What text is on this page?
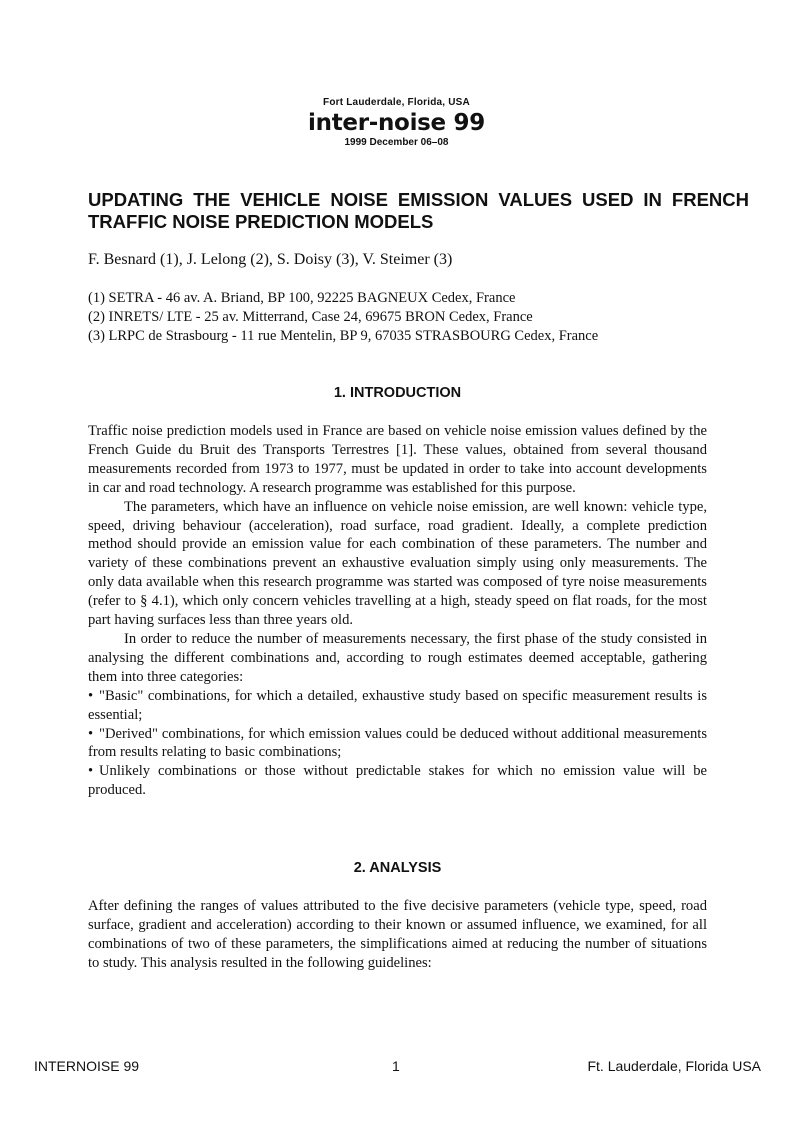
Fort Lauderdale, Florida, USA
inter-noise 99
1999 December 06–08
UPDATING THE VEHICLE NOISE EMISSION VALUES USED IN FRENCH TRAFFIC NOISE PREDICTION MODELS
F. Besnard (1), J. Lelong (2), S. Doisy (3), V. Steimer (3)
(1) SETRA - 46 av. A. Briand, BP 100, 92225 BAGNEUX Cedex, France
(2) INRETS/ LTE - 25 av. Mitterrand, Case 24, 69675 BRON Cedex, France
(3) LRPC de Strasbourg - 11 rue Mentelin, BP 9, 67035 STRASBOURG Cedex, France
1. INTRODUCTION

Traffic noise prediction models used in France are based on vehicle noise emission values defined by the French Guide du Bruit des Transports Terrestres [1]. These values, obtained from several thousand measurements recorded from 1973 to 1977, must be updated in order to take into account developments in car and road technology. A research programme was established for this purpose.

The parameters, which have an influence on vehicle noise emission, are well known: vehicle type, speed, driving behaviour (acceleration), road surface, road gradient. Ideally, a complete prediction method should provide an emission value for each combination of these parameters. The number and variety of these combinations prevent an exhaustive evaluation simply using only measurements. The only data available when this research programme was started was composed of tyre noise measurements (refer to § 4.1), which only concern vehicles travelling at a high, steady speed on flat roads, for the most part having surfaces less than three years old.

In order to reduce the number of measurements necessary, the first phase of the study consisted in analysing the different combinations and, according to rough estimates deemed acceptable, gathering them into three categories:

• "Basic" combinations, for which a detailed, exhaustive study based on specific measurement results is essential;

• "Derived" combinations, for which emission values could be deduced without additional measurements from results relating to basic combinations;

• Unlikely combinations or those without predictable stakes for which no emission value will be produced.

2. ANALYSIS

After defining the ranges of values attributed to the five decisive parameters (vehicle type, speed, road surface, gradient and acceleration) according to their known or assumed influence, we examined, for all combinations of two of these parameters, the simplifications aimed at reducing the number of situations to study. This analysis resulted in the following guidelines:

INTERNOISE 99	1	Ft. Lauderdale, Florida USA
